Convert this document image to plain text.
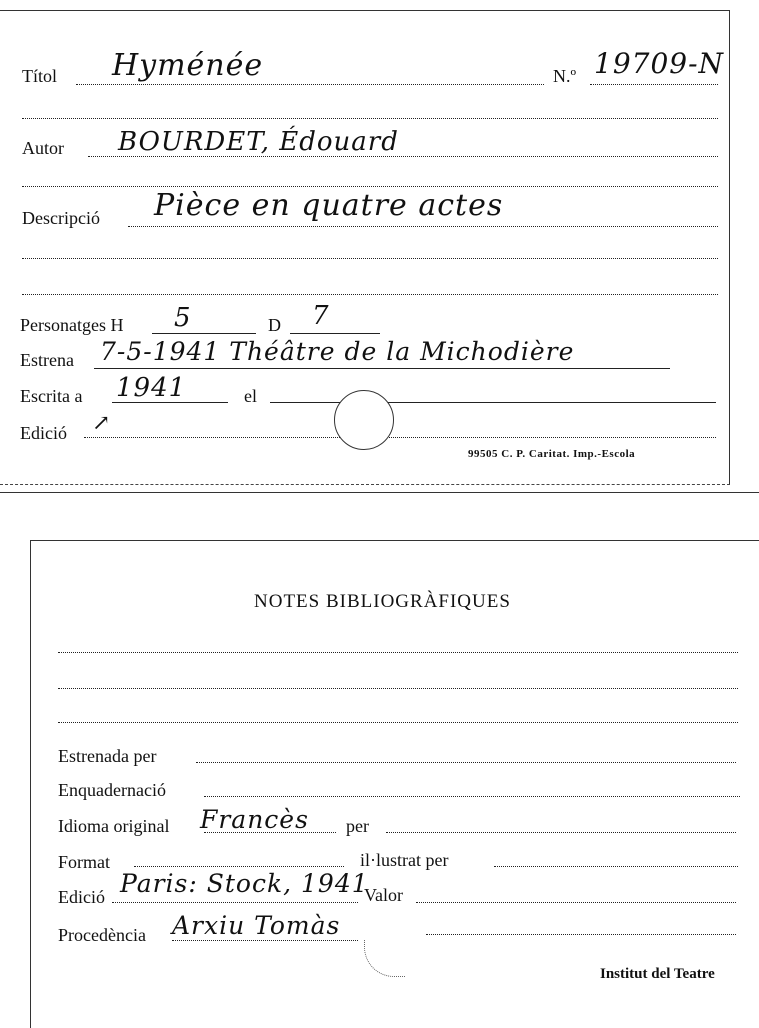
Títol Hyménée	N.º 19709-N
Autor BOURDET, Édouard
Descripció Pièce en quatre actes
Personatges H 5	D 7
Estrena 7-5-1941 Théâtre de la Michodière
Escrita a 1941	el
Edició ↗
99505 C. P. Caritat. Imp.-Escola
NOTES BIBLIOGRÀFIQUES
Estrenada per
Enquadernació
Idioma original Francès per
Format	il·lustrat per
Edició Paris: Stock, 1941
Valor
Procedència Arxiu Tomàs
Institut del Teatre
